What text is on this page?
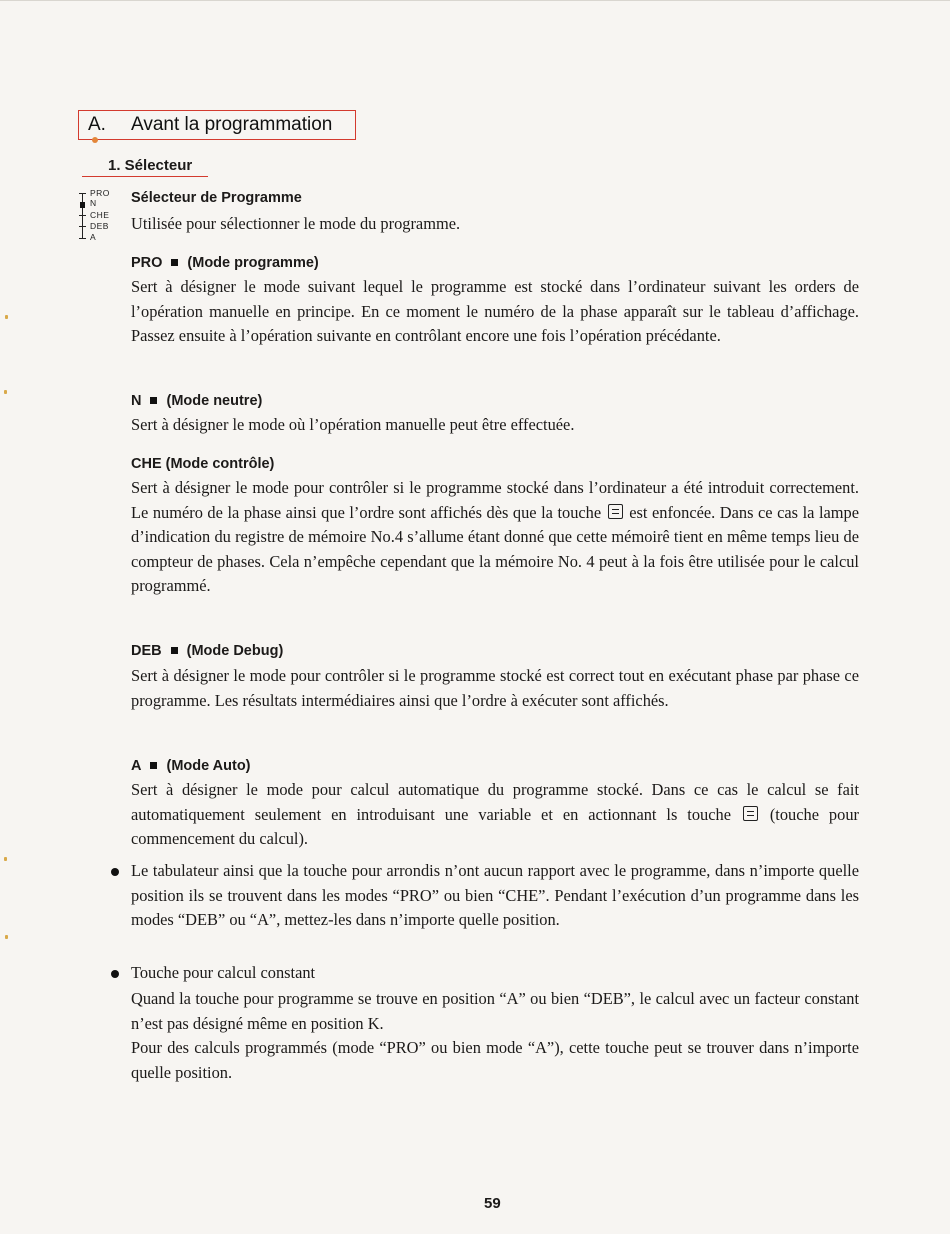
A. Avant la programmation
1. Sélecteur
PRO
N
CHE
DEB
A
Sélecteur de Programme
Utilisée pour sélectionner le mode du programme.
PRO (Mode programme)
Sert à désigner le mode suivant lequel le programme est stocké dans l’ordinateur suivant les orders de l’opération manuelle en principe. En ce moment le numéro de la phase apparaît sur le tableau d’affichage. Passez ensuite à l’opération suivante en contrôlant encore une fois l’opération précédante.
N (Mode neutre)
Sert à désigner le mode où l’opération manuelle peut être effectuée.
CHE (Mode contrôle)
Sert à désigner le mode pour contrôler si le programme stocké dans l’ordinateur a été introduit correctement. Le numéro de la phase ainsi que l’ordre sont affichés dès que la touche est enfoncée. Dans ce cas la lampe d’indication du registre de mémoire No.4 s’allume étant donné que cette mémoirê tient en même temps lieu de compteur de phases. Cela n’empêche cependant que la mémoire No. 4 peut à la fois être utilisée pour le calcul programmé.
DEB (Mode Debug)
Sert à désigner le mode pour contrôler si le programme stocké est correct tout en exécutant phase par phase ce programme. Les résultats intermédiaires ainsi que l’ordre à exécuter sont affichés.
A (Mode Auto)
Sert à désigner le mode pour calcul automatique du programme stocké. Dans ce cas le calcul se fait automatiquement seulement en introduisant une variable et en actionnant ls touche (touche pour commencement du calcul).
Le tabulateur ainsi que la touche pour arrondis n’ont aucun rapport avec le programme, dans n’importe quelle position ils se trouvent dans les modes “PRO” ou bien “CHE”. Pendant l’exécution d’un programme dans les modes “DEB” ou “A”, mettez-les dans n’importe quelle position.
Touche pour calcul constant
Quand la touche pour programme se trouve en position “A” ou bien “DEB”, le calcul avec un facteur constant n’est pas désigné même en position K.
Pour des calculs programmés (mode “PRO” ou bien mode “A”), cette touche peut se trouver dans n’importe quelle position.
59
